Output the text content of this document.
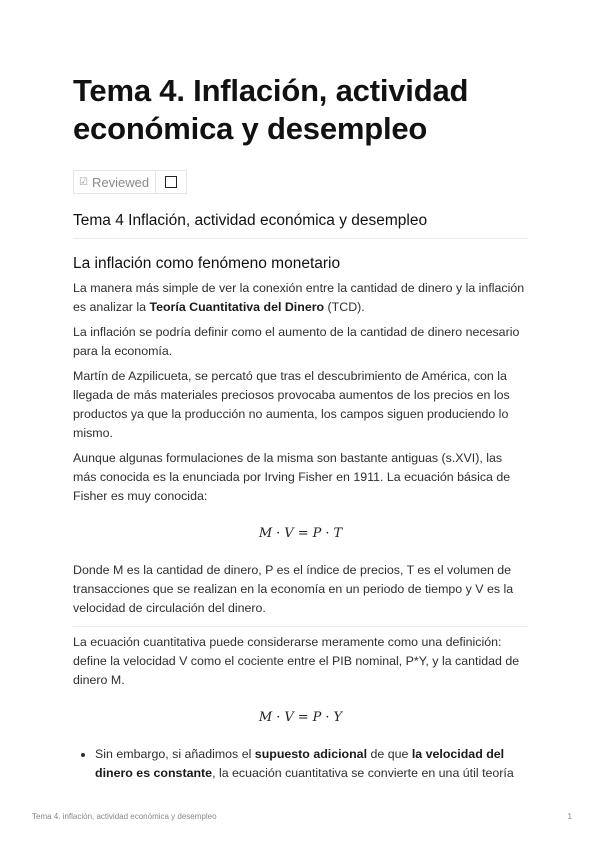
Tema 4. Inflación, actividad económica y desempleo
☑ Reviewed
Tema 4 Inflación, actividad económica y desempleo
La inflación como fenómeno monetario

La manera más simple de ver la conexión entre la cantidad de dinero y la inflación es analizar la Teoría Cuantitativa del Dinero (TCD).

La inflación se podría definir como el aumento de la cantidad de dinero necesario para la economía.

Martín de Azpilicueta, se percató que tras el descubrimiento de América, con la llegada de más materiales preciosos provocaba aumentos de los precios en los productos ya que la producción no aumenta, los campos siguen produciendo lo mismo.

Aunque algunas formulaciones de la misma son bastante antiguas (s.XVI), las más conocida es la enunciada por Irving Fisher en 1911. La ecuación básica de Fisher es muy conocida:

M · V = P · T

Donde M es la cantidad de dinero, P es el índice de precios, T es el volumen de transacciones que se realizan en la economía en un periodo de tiempo y V es la velocidad de circulación del dinero.

La ecuación cuantitativa puede considerarse meramente como una definición: define la velocidad V como el cociente entre el PIB nominal, P*Y, y la cantidad de dinero M.

M · V = P · Y
• Sin embargo, si añadimos el supuesto adicional de que la velocidad del dinero es constante, la ecuación cuantitativa se convierte en una útil teoría
Tema 4. inflación, actividad económica y desempleo	1
